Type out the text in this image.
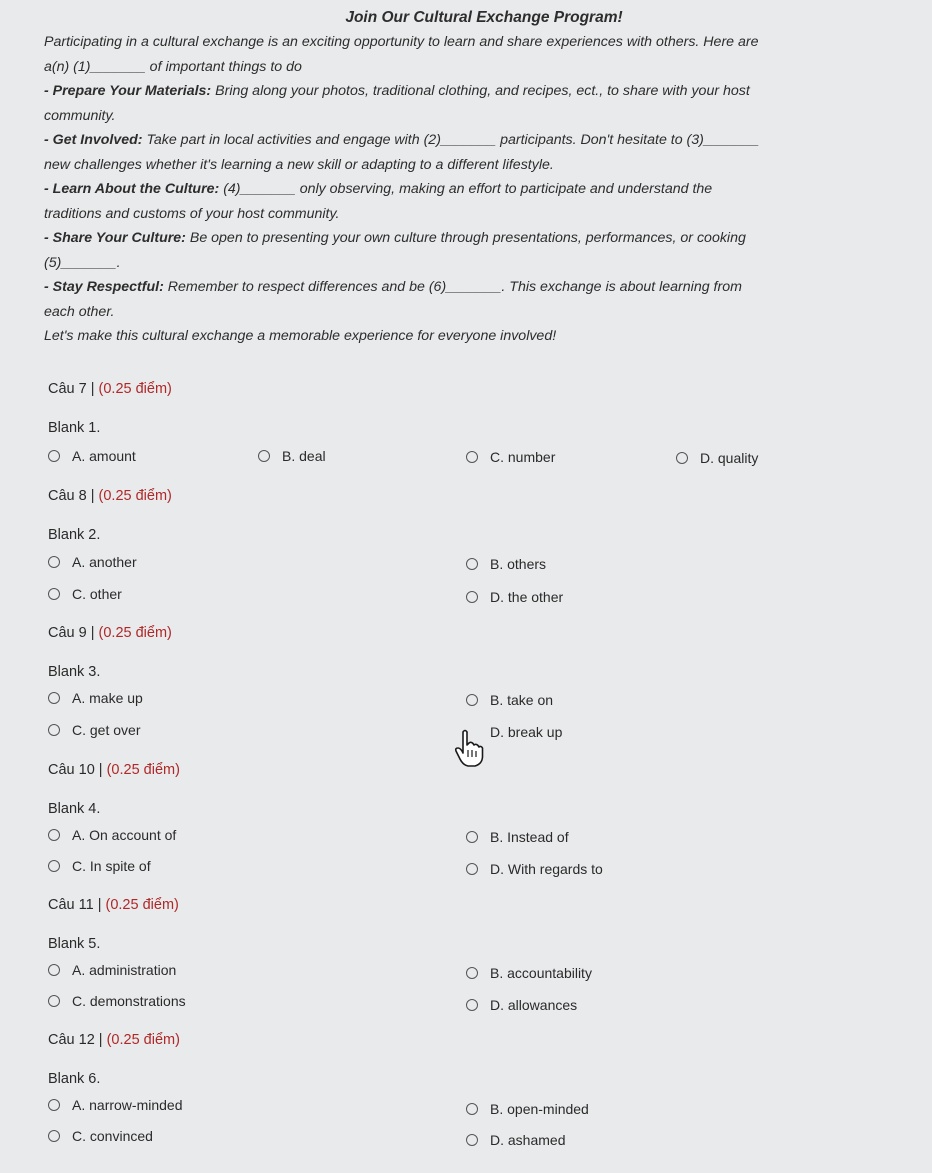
Join Our Cultural Exchange Program!
Participating in a cultural exchange is an exciting opportunity to learn and share experiences with others. Here are
a(n) (1)_______ of important things to do
- Prepare Your Materials: Bring along your photos, traditional clothing, and recipes, ect., to share with your host
community.
- Get Involved: Take part in local activities and engage with (2)_______ participants. Don't hesitate to (3)_______
new challenges whether it's learning a new skill or adapting to a different lifestyle.
- Learn About the Culture: (4)_______ only observing, making an effort to participate and understand the
traditions and customs of your host community.
- Share Your Culture: Be open to presenting your own culture through presentations, performances, or cooking
(5)_______.
- Stay Respectful: Remember to respect differences and be (6)_______. This exchange is about learning from
each other.
Let's make this cultural exchange a memorable experience for everyone involved!
Câu 7 | (0.25 điểm)
Blank 1.
A. amount	B. deal	C. number	D. quality
Câu 8 | (0.25 điểm)
Blank 2.
A. another	B. others
C. other	D. the other
Câu 9 | (0.25 điểm)
Blank 3.
A. make up	B. take on
C. get over	D. break up
Câu 10 | (0.25 điểm)
Blank 4.
A. On account of	B. Instead of
C. In spite of	D. With regards to
Câu 11 | (0.25 điểm)
Blank 5.
A. administration	B. accountability
C. demonstrations	D. allowances
Câu 12 | (0.25 điểm)
Blank 6.
A. narrow-minded	B. open-minded
C. convinced	D. ashamed
